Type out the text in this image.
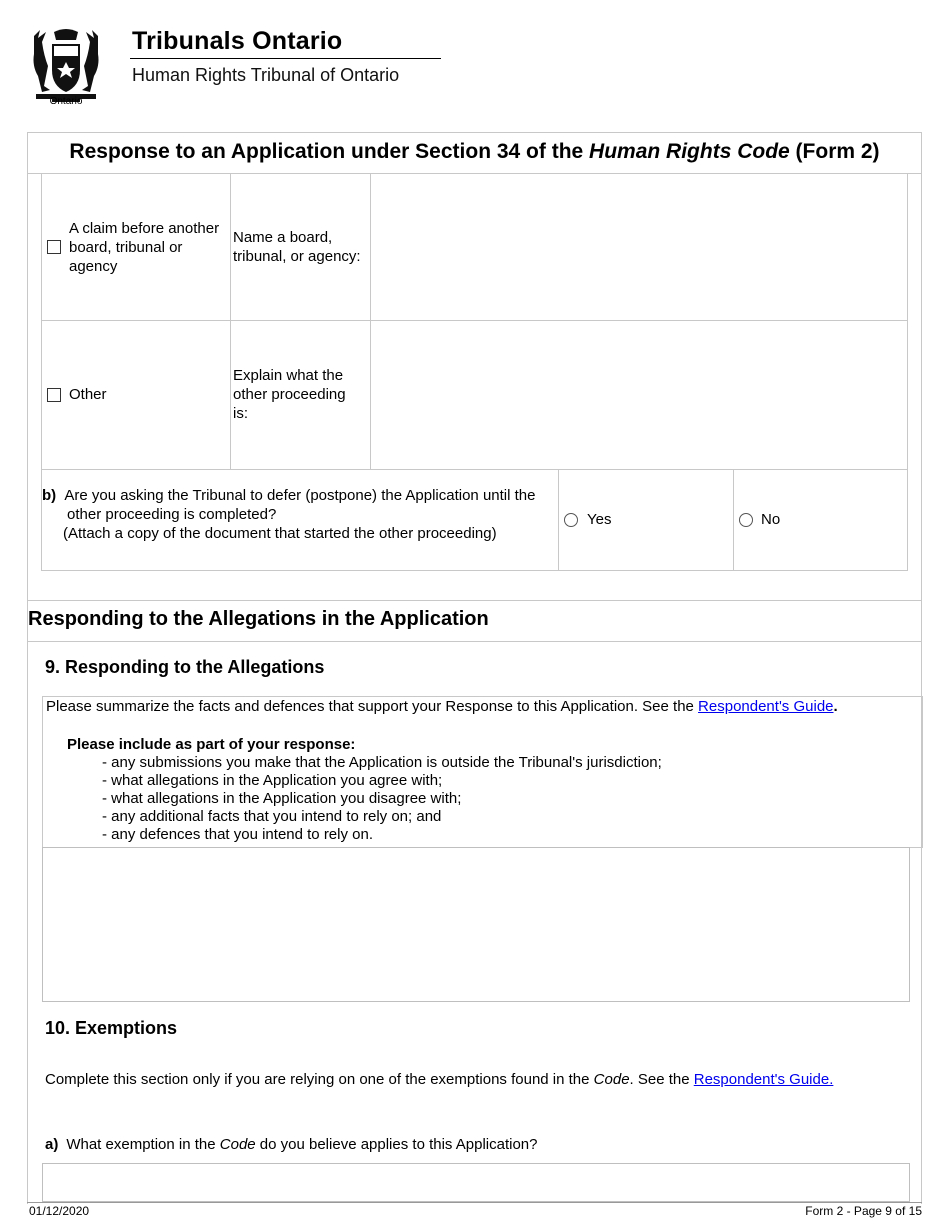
Ontario
Tribunals Ontario
Human Rights Tribunal of Ontario
Response to an Application under Section 34 of the Human Rights Code (Form 2)
A claim before another board, tribunal or agency
Name a board, tribunal, or agency:
Other
Explain what the other proceeding is:
b) Are you asking the Tribunal to defer (postpone) the Application until the
other proceeding is completed?
(Attach a copy of the document that started the other proceeding)
Yes	No
Responding to the Allegations in the Application
9. Responding to the Allegations
Please summarize the facts and defences that support your Response to this Application. See the Respondent's Guide.
Please include as part of your response:
- any submissions you make that the Application is outside the Tribunal's jurisdiction;
- what allegations in the Application you agree with;
- what allegations in the Application you disagree with;
- any additional facts that you intend to rely on; and
- any defences that you intend to rely on.
10. Exemptions
Complete this section only if you are relying on one of the exemptions found in the Code. See the Respondent's Guide.
a) What exemption in the Code do you believe applies to this Application?
01/12/2020	Form 2 - Page 9 of 15
